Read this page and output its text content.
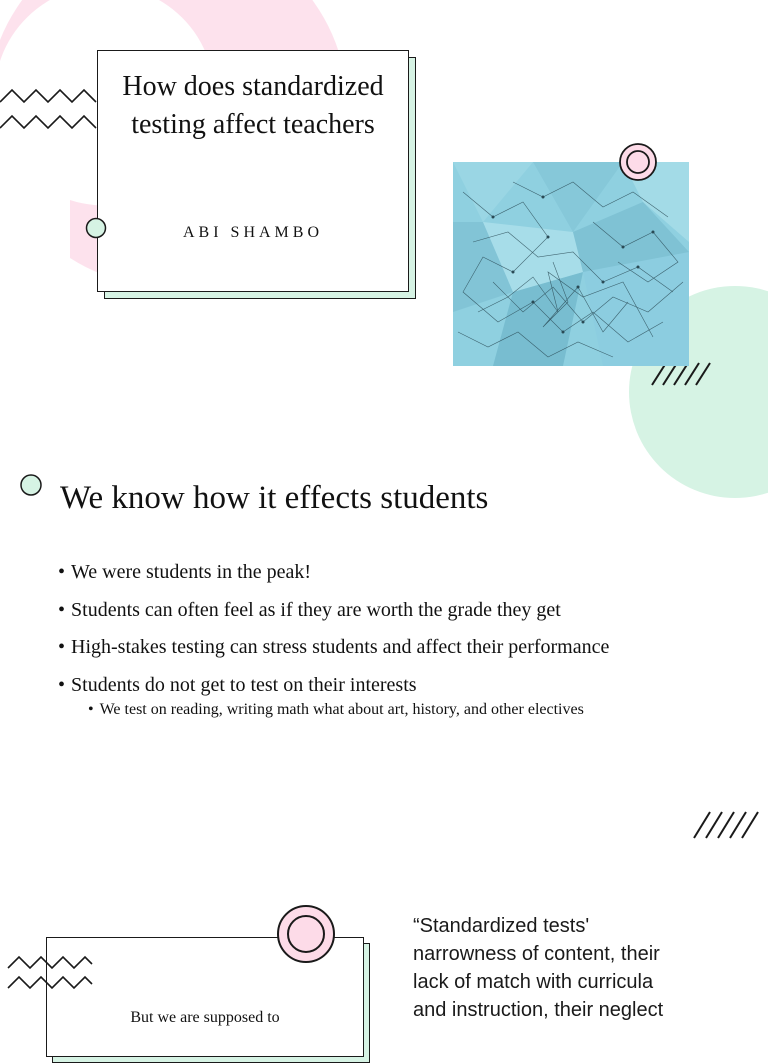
How does standardized
testing affect teachers
ABI SHAMBO
We know how it effects students
• We were students in the peak!
• Students can often feel as if they are worth the grade they get
• High-stakes testing can stress students and affect their performance
• Students do not get to test on their interests
• We test on reading, writing math what about art, history, and other electives
But we are supposed to
“Standardized tests'
narrowness of content, their
lack of match with curricula
and instruction, their neglect
